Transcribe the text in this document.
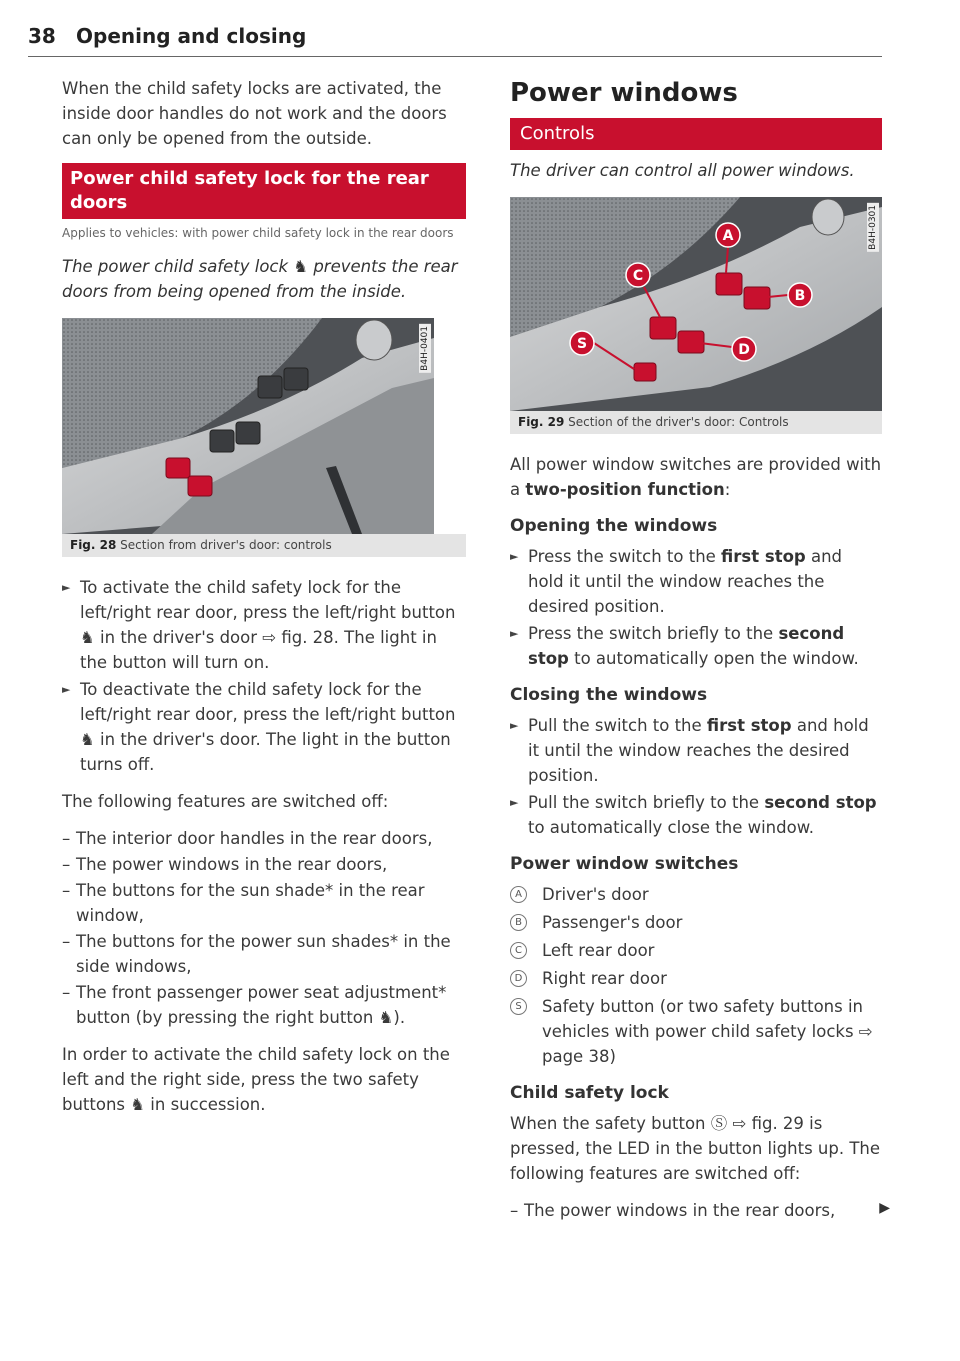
38 Opening and closing

When the child safety locks are activated, the inside door handles do not work and the doors can only be opened from the outside.

Power child safety lock for the rear doors

Applies to vehicles: with power child safety lock in the rear doors

The power child safety lock ♞ prevents the rear doors from being opened from the inside.

B4H-0401
Fig. 28 Section from driver's door: controls
► To activate the child safety lock for the left/right rear door, press the left/right button ♞ in the driver's door ⇨ fig. 28. The light in the button will turn on.
► To deactivate the child safety lock for the left/right rear door, press the left/right button ♞ in the driver's door. The light in the button turns off.

The following features are switched off:

– The interior door handles in the rear doors,
– The power windows in the rear doors,
– The buttons for the sun shade* in the rear window,
– The buttons for the power sun shades* in the side windows,
– The front passenger power seat adjustment* button (by pressing the right button ♞).

In order to activate the child safety lock on the left and the right side, press the two safety buttons ♞ in succession.

Power windows
Controls

The driver can control all power windows.

A
B
C
D
S
B4H-0301
Fig. 29 Section of the driver's door: Controls

All power window switches are provided with a two-position function:

Opening the windows
► Press the switch to the first stop and hold it until the window reaches the desired position.
► Press the switch briefly to the second stop to automatically open the window.
Closing the windows
► Pull the switch to the first stop and hold it until the window reaches the desired position.
► Pull the switch briefly to the second stop to automatically close the window.
Power window switches
A	Driver's door
B	Passenger's door
C	Left rear door
D Right rear door
S	Safety button (or two safety buttons in vehicles with power child safety locks ⇨ page 38)
Child safety lock

When the safety button Ⓢ ⇨ fig. 29 is pressed, the LED in the button lights up. The following features are switched off:

– The power windows in the rear doors,	▶
